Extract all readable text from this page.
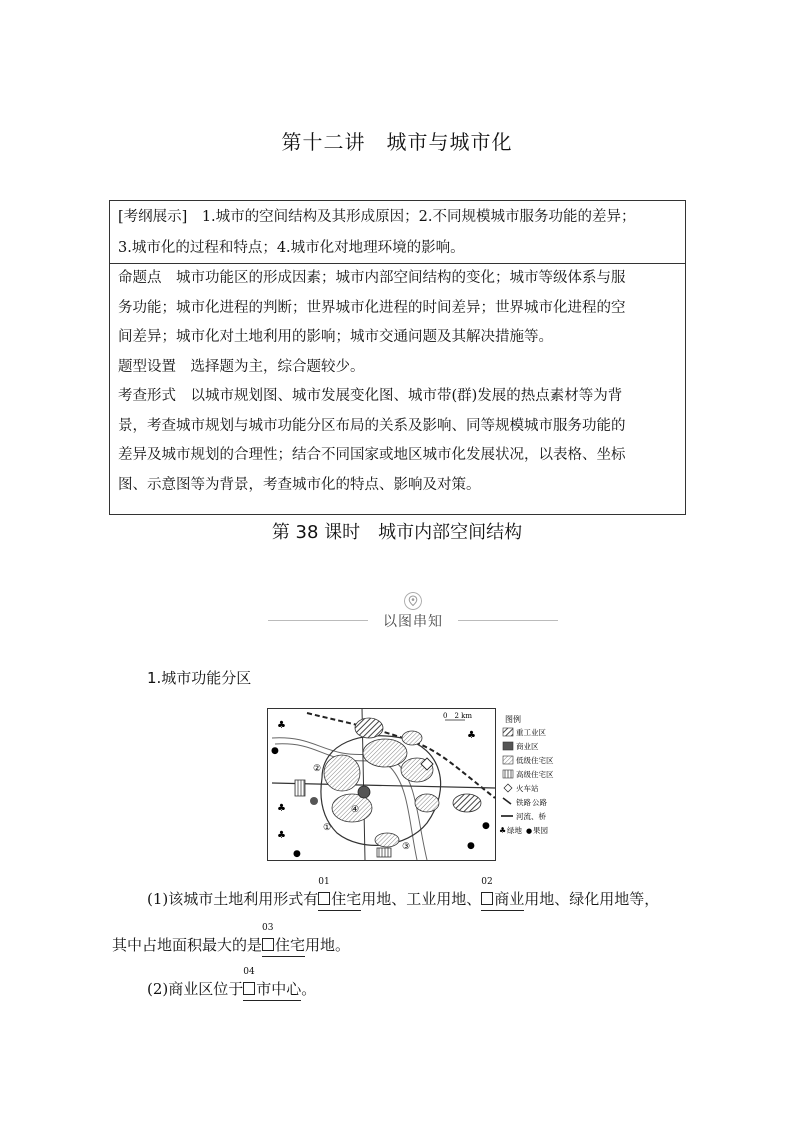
第十二讲　城市与城市化

[考纲展示]　 1.城市的空间结构及其形成原因；2.不同规模城市服务功能的差异；

3.城市化的过程和特点；4.城市化对地理环境的影响。

命题点　 城市功能区的形成因素；城市内部空间结构的变化；城市等级体系与服

务功能；城市化进程的判断；世界城市化进程的时间差异；世界城市化进程的空

间差异；城市化对土地利用的影响；城市交通问题及其解决措施等。

题型设置　 选择题为主，综合题较少。

考查形式　 以城市规划图、城市发展变化图、城市带(群)发展的热点素材等为背

景，考查城市规划与城市功能分区布局的关系及影响、同等规模城市服务功能的

差异及城市规划的合理性；结合不同国家或地区城市化发展状况，以表格、坐标

图、示意图等为背景，考查城市化的特点、影响及对策。

第 38 课时　城市内部空间结构
以图串知
1.城市功能分区
①
②
③
④
♣
♣
♣
♣
●
●
●
●
0　2 km	图例
重工业区
商业区
低级住宅区
高级住宅区
火车站
铁路 公路
河流、桥
♣ 绿地 ● 果园
(1)该城市土地利用形式有
01
住宅用地、工业用地、
02
商业用地、绿化用地等，
其中占地面积最大的是
03
住宅用地。
(2)商业区位于
04
市中心。
